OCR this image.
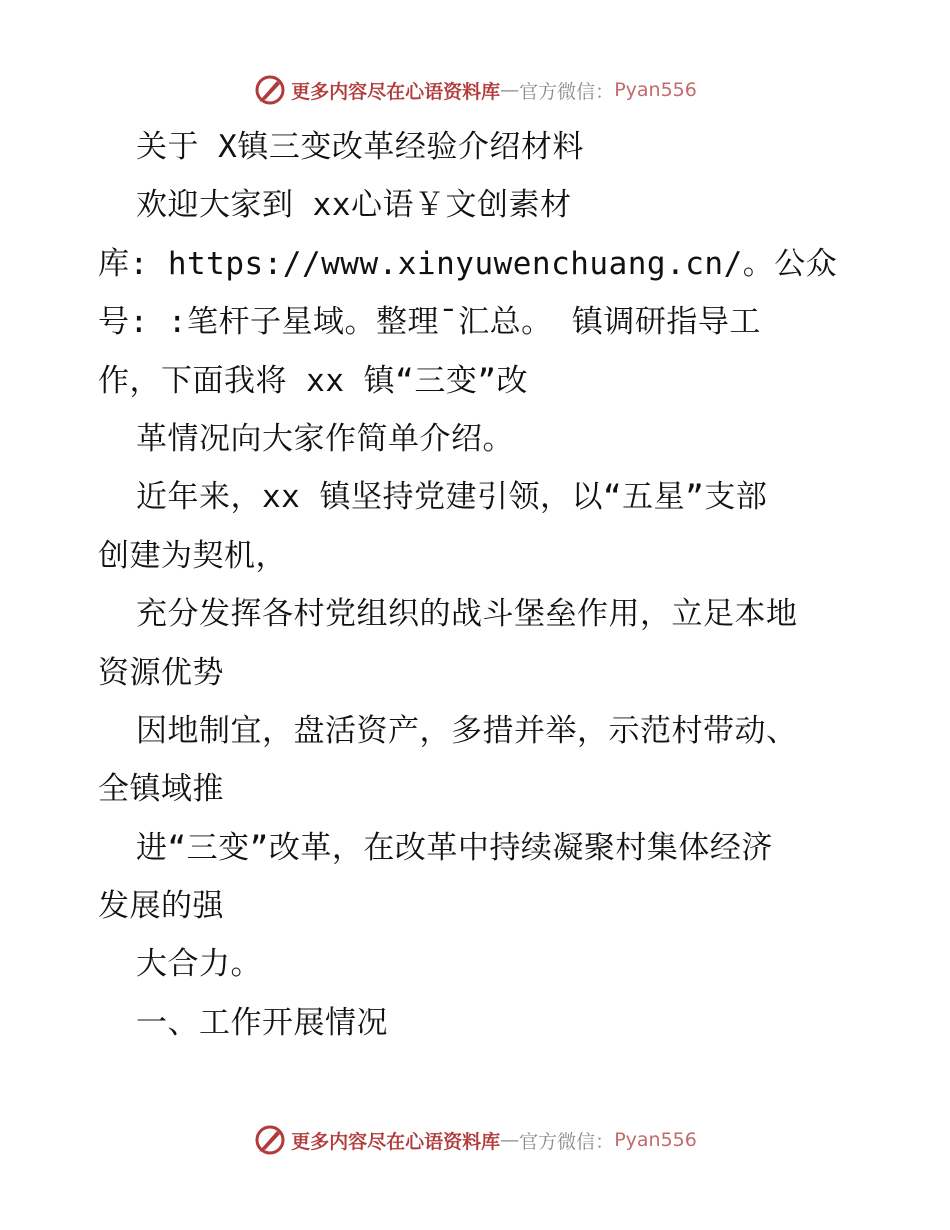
更多内容尽在心语资料库 — 官方微信： Pyan556
关于 X镇三变改革经验介绍材料
欢迎大家到 xx心语￥文创素材
库: https://www.xinyuwenchuang.cn/。公众
号: :笔杆子星域。整理¯汇总。 镇调研指导工
作，下面我将 xx 镇“三变”改
革情况向大家作简单介绍。
近年来，xx 镇坚持党建引领，以“五星”支部
创建为契机，
充分发挥各村党组织的战斗堡垒作用，立足本地
资源优势
因地制宜，盘活资产，多措并举，示范村带动、
全镇域推
进“三变”改革，在改革中持续凝聚村集体经济
发展的强
大合力。
一、工作开展情况
更多内容尽在心语资料库 — 官方微信： Pyan556
